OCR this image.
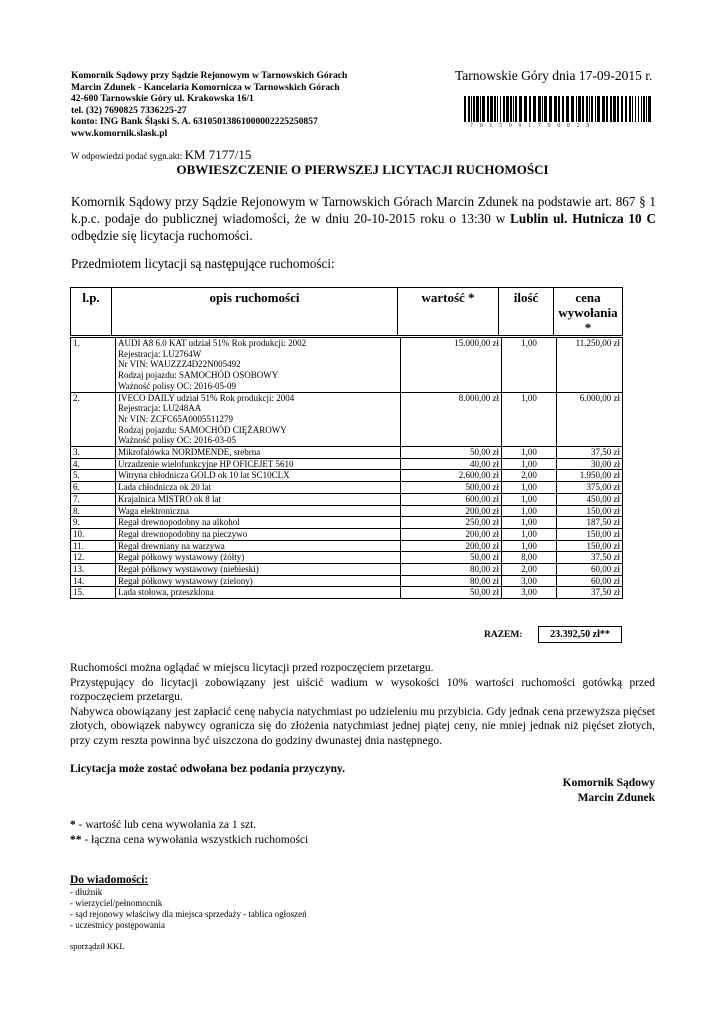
Komornik Sądowy przy Sądzie Rejonowym w Tarnowskich Górach
Marcin Zdunek - Kancelaria Komornicza w Tarnowskich Górach
42-600 Tarnowskie Góry ul. Krakowska 16/1
tel. (32) 7690825 7336225-27
konto: ING Bank Śląski S. A. 63105013861000002225250857
www.komornik.slask.pl
W odpowiedzi podać sygn.akt: KM 7177/15
Tarnowskie Góry dnia 17-09-2015 r.
7 0 1 5 0 9 1 7 0 0 8 2 9
OBWIESZCZENIE O PIERWSZEJ LICYTACJI RUCHOMOŚCI
Komornik Sądowy przy Sądzie Rejonowym w Tarnowskich Górach Marcin Zdunek na podstawie art. 867 § 1 k.p.c. podaje do publicznej wiadomości, że w dniu 20-10-2015 roku o 13:30 w Lublin ul. Hutnicza 10 C odbędzie się licytacja ruchomości.
Przedmiotem licytacji są następujące ruchomości:
l.p.	opis ruchomości	wartość *	ilość	cena
wywołania *
1.	AUDI A8 6.0 KAT udział 51% Rok produkcji: 2002
Rejestracja: LU2764W
Nr VIN: WAUZZZ4D22N005492
Rodzaj pojazdu: SAMOCHÓD OSOBOWY
Ważność polisy OC: 2016-05-09	15.000,00 zł	1,00	11.250,00 zł
2.	IVECO DAILY udział 51% Rok produkcji: 2004
Rejestracja: LU248AA
Nr VIN: ZCFC65A0005511279
Rodzaj pojazdu: SAMOCHÓD CIĘŻAROWY
Ważność polisy OC: 2016-03-05	8.000,00 zł	1,00	6.000,00 zł
3.	Mikrofalówka NORDMENDE, srebrna	50,00 zł	1,00	37,50 zł
4.	Urzadzenie wielofunkcyjne HP OFICEJET 5610	40,00 zł	1,00	30,00 zł
5.	Witryna chłodnicza GOLD ok 10 lat SC10CLX	2.600,00 zł	2,00	1.950,00 zł
6.	Lada chłodnicza ok 20 lat	500,00 zł	1,00	375,00 zł
7.	Krajalnica MISTRO ok 8 lat	600,00 zł	1,00	450,00 zł
8.	Waga elektroniczna	200,00 zł	1,00	150,00 zł
9.	Regał drewnopodobny na alkohol	250,00 zł	1,00	187,50 zł
10.	Regał drewnopodobny na pieczywo	200,00 zł	1,00	150,00 zł
11.	Regał drewniany na warzywa	200,00 zł	1,00	150,00 zł
12.	Regał półkowy wystawowy (żółty)	50,00 zł	8,00	37,50 zł
13.	Regał półkowy wystawowy (niebieski)	80,00 zł	2,00	60,00 zł
14.	Regał półkowy wystawowy (zielony)	80,00 zł	3,00	60,00 zł
15.	Lada stołowa, przeszklona	50,00 zł	3,00	37,50 zł
RAZEM:	23.392,50 zł**
Ruchomości można oglądać w miejscu licytacji przed rozpoczęciem przetargu.
Przystępujący do licytacji zobowiązany jest uiścić wadium w wysokości 10% wartości ruchomości gotówką przed rozpoczęciem przetargu.
Nabywca obowiązany jest zapłacić cenę nabycia natychmiast po udzieleniu mu przybicia. Gdy jednak cena przewyższa pięćset złotych, obowiązek nabywcy ogranicza się do złożenia natychmiast jednej piątej ceny, nie mniej jednak niż pięćset złotych, przy czym reszta powinna być uiszczona do godziny dwunastej dnia następnego.
Licytacja może zostać odwołana bez podania przyczyny.
Komornik Sądowy
Marcin Zdunek
* - wartość lub cena wywołania za 1 szt.
** - łączna cena wywołania wszystkich ruchomości
Do wiadomości:
- dłużnik
- wierzyciel/pełnomocnik
- sąd rejonowy właściwy dla miejsca sprzedaży - tablica ogłoszeń
- uczestnicy postępowania
sporządził KKL
